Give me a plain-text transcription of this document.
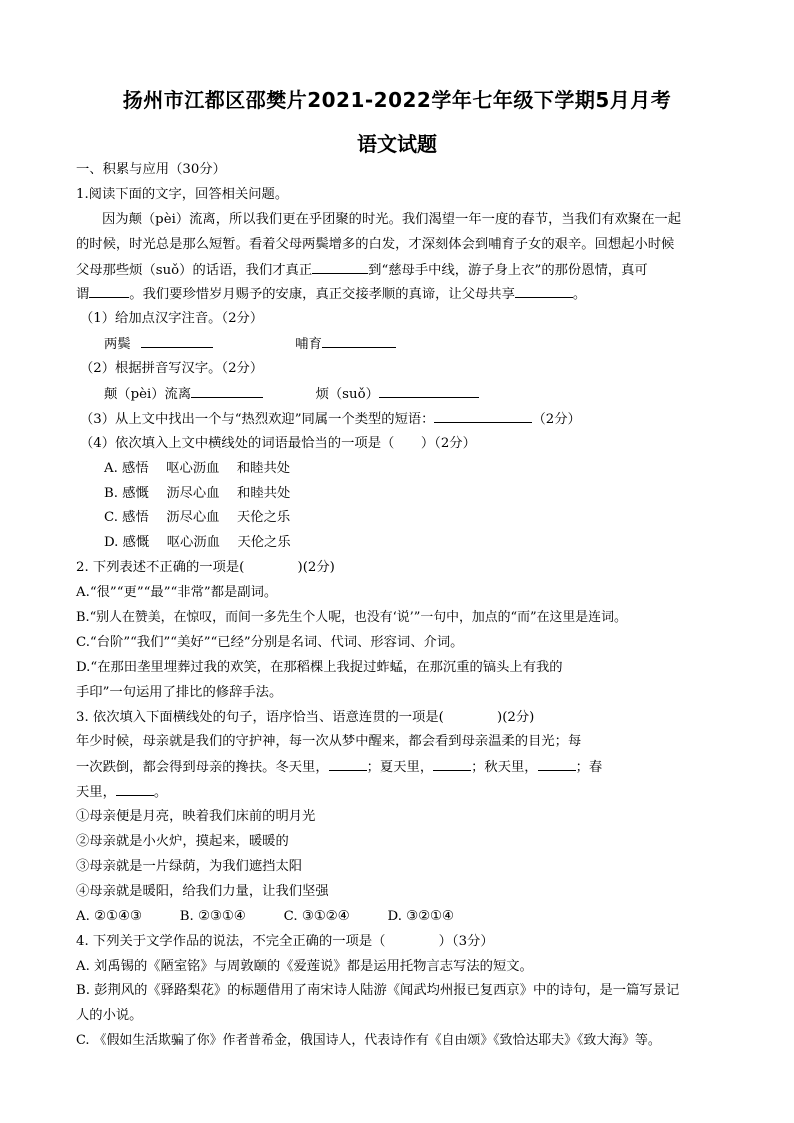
扬州市江都区邵樊片2021-2022学年七年级下学期5月月考
语文试题
一、积累与应用（30分）
1.阅读下面的文字，回答相关问题。
因为颠（pèi）流离，所以我们更在乎团聚的时光。我们渴望一年一度的春节，当我们有欢聚在一起
的时候，时光总是那么短暂。看着父母两鬓增多的白发，才深刻体会到哺育子女的艰辛。回想起小时候
父母那些烦（suǒ）的话语，我们才真正	到“慈母手中线，游子身上衣”的那份恩情，真可
谓	。我们要珍惜岁月赐予的安康，真正交接孝顺的真谛，让父母共享	。
（1）给加点汉字注音。（2分）
两鬓	哺育
（2）根据拼音写汉字。（2分）
颠（pèi）流离	烦（suǒ）
（3）从上文中找出一个与“热烈欢迎”同属一个类型的短语：	（2分）
（4）依次填入上文中横线处的词语最恰当的一项是（　　）（2分）
A. 感悟　 呕心沥血　 和睦共处
B. 感慨　 沥尽心血　 和睦共处
C. 感悟　 沥尽心血　 天伦之乐
D. 感慨　 呕心沥血　 天伦之乐
2. 下列表述不正确的一项是(　　　　)(2分)
A.“很”“更”“最”“非常”都是副词。
B.“别人在赞美，在惊叹，而间一多先生个人呢，也没有‘说’”一句中，加点的“而”在这里是连词。
C.“台阶”“我们”“美好”“已经”分别是名词、代词、形容词、介词。
D.“在那田垄里埋葬过我的欢笑，在那稻棵上我捉过蚱蜢，在那沉重的镐头上有我的
手印”一句运用了排比的修辞手法。
3. 依次填入下面横线处的句子，语序恰当、语意连贯的一项是(　　　　)(2分)
年少时候，母亲就是我们的守护神，每一次从梦中醒来，都会看到母亲温柔的目光；每
一次跌倒，都会得到母亲的搀扶。冬天里，	；夏天里，	；秋天里，	；春
天里，	。
①母亲便是月亮，映着我们床前的明月光
②母亲就是小火炉，摸起来，暖暖的
③母亲就是一片绿荫，为我们遮挡太阳
④母亲就是暖阳，给我们力量，让我们坚强
A. ②①④③	B. ②③①④	C. ③①②④	D. ③②①④
4. 下列关于文学作品的说法，不完全正确的一项是（　　　　）（3分）
A. 刘禹锡的《陋室铭》与周敦颐的《爱莲说》都是运用托物言志写法的短文。
B. 彭荆风的《驿路梨花》的标题借用了南宋诗人陆游《闻武均州报已复西京》中的诗句，是一篇写景记
人的小说。
C. 《假如生活欺骗了你》作者普希金，俄国诗人，代表诗作有《自由颂》《致恰达耶夫》《致大海》等。
